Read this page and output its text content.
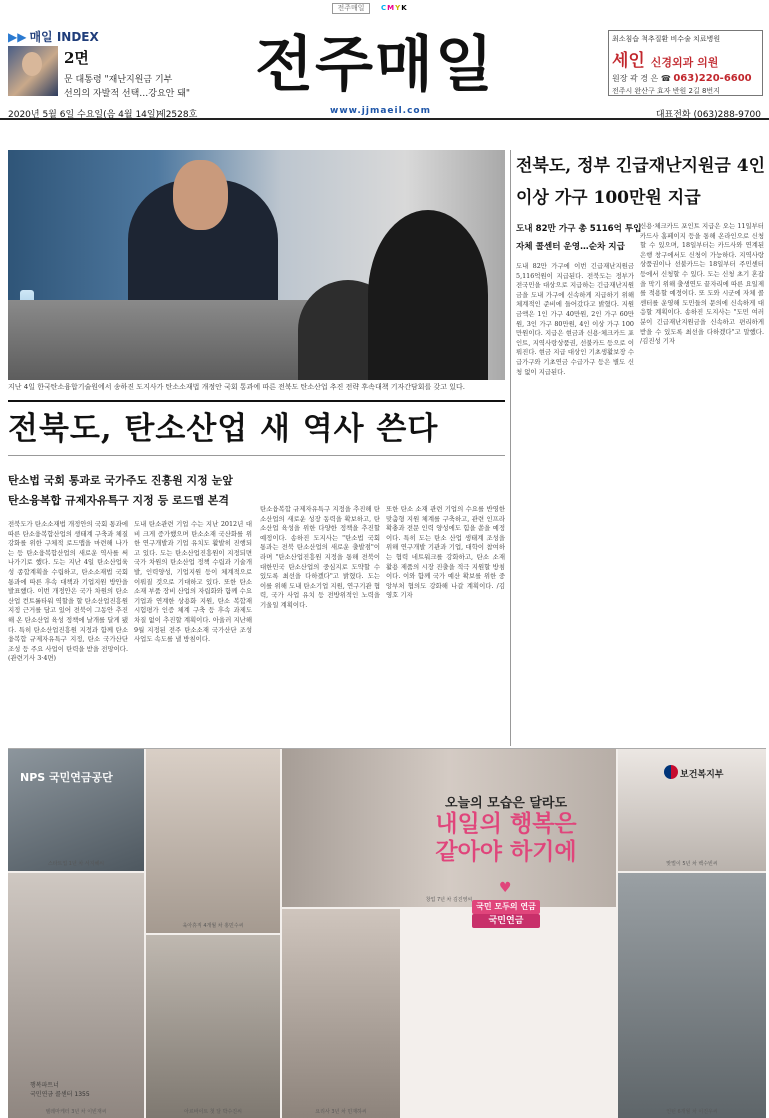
전주매일	CMYK
▶▶ 매일 INDEX
2면
문 대통령 "재난지원금 기부
선의의 자발적 선택…강요안 돼" 전주매일	최소침습 척추질환 비수술 치료병원
세인 신경외과 의원
원장 곽 경 은 ☎ 063)220-6600
전주시 완산구 효자 반원 2길 8번지
2020년 5월 6일 수요일(음 4월 14일)
제2528호	www.jjmaeil.com	대표전화 (063)288-9700
지난 4일 한국탄소융합기술원에서 송하진 도지사가 탄소소재법 개정안 국회 통과에 따른 전북도 탄소산업 추진 전략 후속대책 기자간담회를 갖고 있다.
전북도, 탄소산업 새 역사 쓴다
탄소법 국회 통과로 국가주도 진흥원 지정 눈앞
탄소융복합 규제자유특구 지정 등 로드맵 본격
전북도가 탄소소재법 개정안의 국회 통과에 따른 탄소융복합산업의 생태계 구축과 체질 강화를 위한 구체적 로드맵을 마련해 나가는 등 탄소융복합산업의 새로운 역사를 써 나가기로 했다. 도는 지난 4일 탄소산업육성 종합계획을 수립하고, 탄소소재법 국회통과에 따른 후속 대책과 기업지원 방안을 발표했다. 이번 개정안은 국가 차원의 탄소산업 컨트롤타워 역할을 할 탄소산업진흥원 지정 근거를 담고 있어 전북이 그동안 추진해 온 탄소산업 육성 정책에 날개를 달게 됐다. 특히 탄소산업진흥원 지정과 함께 탄소융복합 규제자유특구 지정, 탄소 국가산단 조성 등 주요 사업이 탄력을 받을 전망이다. (관련기사 3·4면)
도내 탄소관련 기업 수는 지난 2012년 대비 크게 증가했으며 탄소소재 국산화를 위한 연구개발과 기업 유치도 활발히 진행되고 있다. 도는 탄소산업진흥원이 지정되면 국가 차원의 탄소산업 정책 수립과 기술개발, 인력양성, 기업지원 등이 체계적으로 이뤄질 것으로 기대하고 있다. 또한 탄소 소재 부품 장비 산업의 자립화와 함께 수요기업과 연계한 상용화 지원, 탄소 복합재 시험평가 인증 체계 구축 등 후속 과제도 차질 없이 추진할 계획이다. 아울러 지난해 9월 지정된 전주 탄소소재 국가산단 조성 사업도 속도를 낼 방침이다.
탄소융복합 규제자유특구 지정을 추진해 탄소산업의 새로운 성장 동력을 확보하고, 탄소산업 육성을 위한 다양한 정책을 추진할 예정이다. 송하진 도지사는 "탄소법 국회 통과는 전북 탄소산업의 새로운 출발점"이라며 "탄소산업진흥원 지정을 통해 전북이 대한민국 탄소산업의 중심지로 도약할 수 있도록 최선을 다하겠다"고 밝혔다. 도는 이를 위해 도내 탄소기업 지원, 연구기관 협력, 국가 사업 유치 등 전방위적인 노력을 기울일 계획이다.
또한 탄소 소재 관련 기업의 수요를 반영한 맞춤형 지원 체계를 구축하고, 관련 인프라 확충과 전문 인력 양성에도 힘을 쏟을 예정이다. 특히 도는 탄소 산업 생태계 조성을 위해 연구개발 기관과 기업, 대학이 참여하는 협력 네트워크를 강화하고, 탄소 소재 활용 제품의 시장 진출을 적극 지원할 방침이다. 이와 함께 국가 예산 확보를 위한 중앙부처 협의도 강화해 나갈 계획이다. /김영호 기자
전북도, 정부 긴급재난지원금 4인 이상 가구 100만원 지급
도내 82만 가구 총 5116억 투입
자체 콜센터 운영…순차 지급
도내 82만 가구에 이번 긴급재난지원금 5,116억원이 지급된다. 전북도는 정부가 전국민을 대상으로 지급하는 긴급재난지원금을 도내 가구에 신속하게 지급하기 위해 체계적인 준비에 들어갔다고 밝혔다. 지원 금액은 1인 가구 40만원, 2인 가구 60만원, 3인 가구 80만원, 4인 이상 가구 100만원이다. 지급은 현금과 신용·체크카드 포인트, 지역사랑상품권, 선불카드 등으로 이뤄진다. 현금 지급 대상인 기초생활보장 수급가구와 기초연금 수급가구 등은 별도 신청 없이 지급된다.
신용·체크카드 포인트 지급은 오는 11일부터 카드사 홈페이지 등을 통해 온라인으로 신청할 수 있으며, 18일부터는 카드사와 연계된 은행 창구에서도 신청이 가능하다. 지역사랑상품권이나 선불카드는 18일부터 주민센터 등에서 신청할 수 있다. 도는 신청 초기 혼잡을 막기 위해 출생연도 끝자리에 따른 요일제를 적용할 예정이다. 또 도와 시군에 자체 콜센터를 운영해 도민들의 문의에 신속하게 대응할 계획이다. 송하진 도지사는 "도민 여러분이 긴급재난지원금을 신속하고 편리하게 받을 수 있도록 최선을 다하겠다"고 말했다. /김진성 기자
스타트업 1년 차 서지혜씨
NPS 국민연금공단
텔레마케터 3년 차 이빈재씨
육아휴직 4개월 차 홍민수씨
아르바이트 첫 달 박수진씨
창업 7년 차 김진영씨
요리사 3년 차 민재하씨
맞벌이 5년 차 백수빈씨
보건복지부
인턴 6개월 차 이진우씨
오늘의 모습은 달라도
내일의 행복은
같아야 하기에
♥
국민 모두의 연금
국민연금
행복파트너
국민연금 콜센터 1355
